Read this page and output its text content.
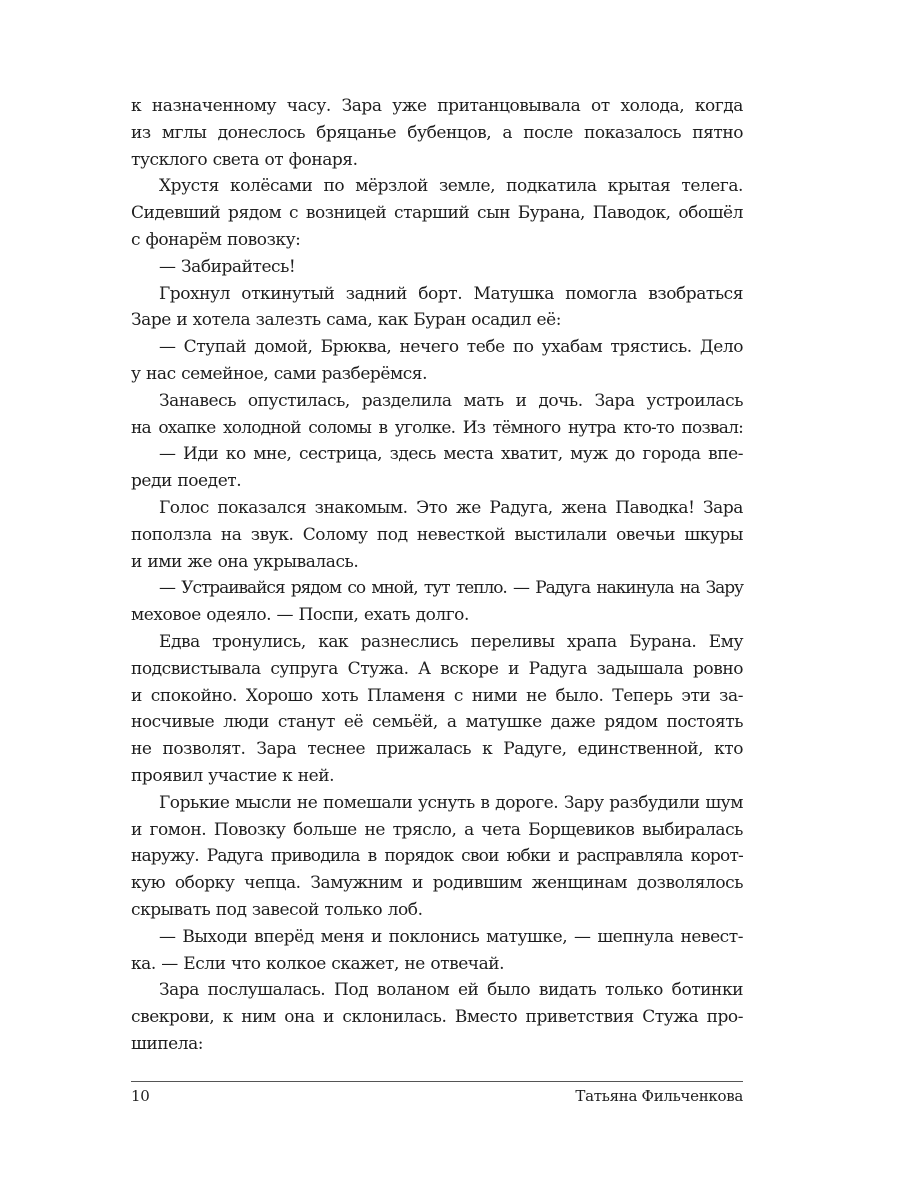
к назначенному часу. Зара уже пританцовывала от холода, когда
из мглы донеслось бряцанье бубенцов, а после показалось пятно
тусклого света от фонаря.
Хрустя колёсами по мёрзлой земле, подкатила крытая телега.
Сидевший рядом с возницей старший сын Бурана, Паводок, обошёл
с фонарём повозку:
— Забирайтесь!
Грохнул откинутый задний борт. Матушка помогла взобраться
Заре и хотела залезть сама, как Буран осадил её:
— Ступай домой, Брюква, нечего тебе по ухабам трястись. Дело
у нас семейное, сами разберёмся.
Занавесь опустилась, разделила мать и дочь. Зара устроилась
на охапке холодной соломы в уголке. Из тёмного нутра кто-то позвал:
— Иди ко мне, сестрица, здесь места хватит, муж до города впе-
реди поедет.
Голос показался знакомым. Это же Радуга, жена Паводка! Зара
поползла на звук. Солому под невесткой выстилали овечьи шкуры
и ими же она укрывалась.
— Устраивайся рядом со мной, тут тепло. — Радуга накинула на Зару
меховое одеяло. — Поспи, ехать долго.
Едва тронулись, как разнеслись переливы храпа Бурана. Ему
подсвистывала супруга Стужа. А вскоре и Радуга задышала ровно
и спокойно. Хорошо хоть Пламеня с ними не было. Теперь эти за-
носчивые люди станут её семьёй, а матушке даже рядом постоять
не позволят. Зара теснее прижалась к Радуге, единственной, кто
проявил участие к ней.
Горькие мысли не помешали уснуть в дороге. Зару разбудили шум
и гомон. Повозку больше не трясло, а чета Борщевиков выбиралась
наружу. Радуга приводила в порядок свои юбки и расправляла корот-
кую оборку чепца. Замужним и родившим женщинам дозволялось
скрывать под завесой только лоб.
— Выходи вперёд меня и поклонись матушке, — шепнула невест-
ка. — Если что колкое скажет, не отвечай.
Зара послушалась. Под воланом ей было видать только ботинки
свекрови, к ним она и склонилась. Вместо приветствия Стужа про-
шипела:
10	Татьяна Фильченкова
